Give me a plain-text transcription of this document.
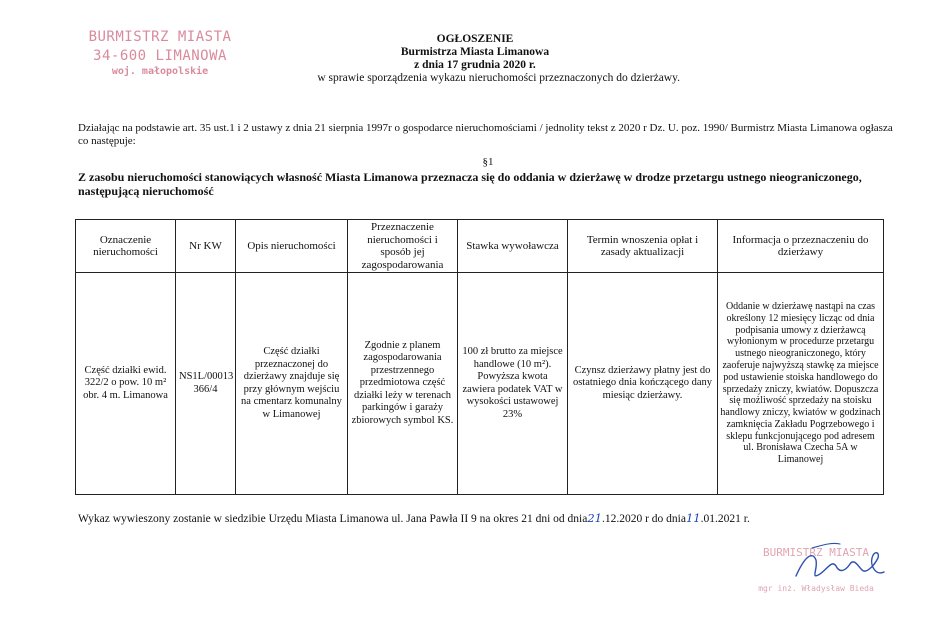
BURMISTRZ MIASTA
34-600 LIMANOWA
woj. małopolskie
OGŁOSZENIE
Burmistrza Miasta Limanowa
z dnia 17 grudnia 2020 r.
w sprawie sporządzenia wykazu nieruchomości przeznaczonych do dzierżawy.
Działając na podstawie art. 35 ust.1 i 2 ustawy z dnia 21 sierpnia 1997r o gospodarce nieruchomościami / jednolity tekst z 2020 r Dz. U. poz. 1990/ Burmistrz Miasta Limanowa ogłasza co następuje:
§1
Z zasobu nieruchomości stanowiących własność Miasta Limanowa przeznacza się do oddania w dzierżawę w drodze przetargu ustnego nieograniczonego, następującą nieruchomość
Oznaczenie nieruchomości	Nr KW	Opis nieruchomości	Przeznaczenie nieruchomości i sposób jej zagospodarowania	Stawka wywoławcza	Termin wnoszenia opłat i zasady aktualizacji	Informacja o przeznaczeniu do dzierżawy
Część działki ewid. 322/2 o pow. 10 m² obr. 4 m. Limanowa	NS1L/00013 366/4	Część działki przeznaczonej do dzierżawy znajduje się przy głównym wejściu na cmentarz komunalny w Limanowej	Zgodnie z planem zagospodarowania przestrzennego przedmiotowa część działki leży w terenach parkingów i garaży zbiorowych symbol KS.	100 zł brutto za miejsce handlowe (10 m²). Powyższa kwota zawiera podatek VAT w wysokości ustawowej 23%	Czynsz dzierżawy płatny jest do ostatniego dnia kończącego dany miesiąc dzierżawy.	Oddanie w dzierżawę nastąpi na czas określony 12 miesięcy licząc od dnia podpisania umowy z dzierżawcą wyłonionym w procedurze przetargu ustnego nieograniczonego, który zaoferuje najwyższą stawkę za miejsce pod ustawienie stoiska handlowego do sprzedaży zniczy, kwiatów. Dopuszcza się możliwość sprzedaży na stoisku handlowy zniczy, kwiatów w godzinach zamknięcia Zakładu Pogrzebowego i sklepu funkcjonującego pod adresem ul. Bronisława Czecha 5A w Limanowej
Wykaz wywieszony zostanie w siedzibie Urzędu Miasta Limanowa ul. Jana Pawła II 9 na okres 21 dni od dnia21.12.2020 r do dnia11.01.2021 r.
BURMISTRZ MIASTA
mgr inż. Władysław Bieda
